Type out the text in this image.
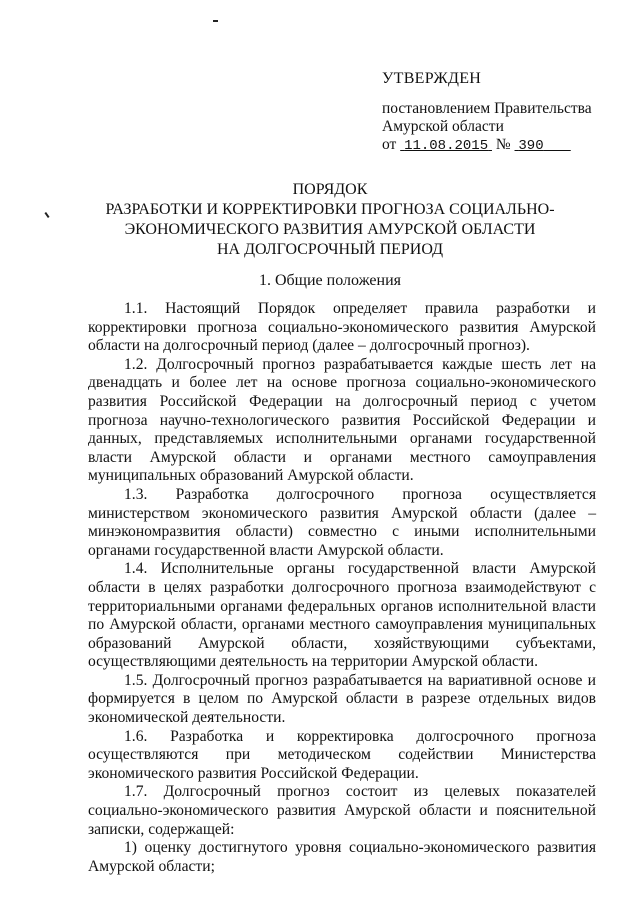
УТВЕРЖДЕН
постановлением Правительства
Амурской области
от 11.08.2015 № 390
ПОРЯДОК
РАЗРАБОТКИ И КОРРЕКТИРОВКИ ПРОГНОЗА СОЦИАЛЬНО-
ЭКОНОМИЧЕСКОГО РАЗВИТИЯ АМУРСКОЙ ОБЛАСТИ
НА ДОЛГОСРОЧНЫЙ ПЕРИОД
1. Общие положения

1.1. Настоящий Порядок определяет правила разработки и корректировки прогноза социально-экономического развития Амурской области на долгосрочный период (далее – долгосрочный прогноз).

1.2. Долгосрочный прогноз разрабатывается каждые шесть лет на двенадцать и более лет на основе прогноза социально-экономического развития Российской Федерации на долгосрочный период с учетом прогноза научно-технологического развития Российской Федерации и данных, представляемых исполнительными органами государственной власти Амурской области и органами местного самоуправления муниципальных образований Амурской области.

1.3. Разработка долгосрочного прогноза осуществляется министерством экономического развития Амурской области (далее – минэкономразвития области) совместно с иными исполнительными органами государственной власти Амурской области.

1.4. Исполнительные органы государственной власти Амурской области в целях разработки долгосрочного прогноза взаимодействуют с территориальными органами федеральных органов исполнительной власти по Амурской области, органами местного самоуправления муниципальных образований Амурской области, хозяйствующими субъектами, осуществляющими деятельность на территории Амурской области.

1.5. Долгосрочный прогноз разрабатывается на вариативной основе и формируется в целом по Амурской области в разрезе отдельных видов экономической деятельности.

1.6. Разработка и корректировка долгосрочного прогноза осуществляются при методическом содействии Министерства экономического развития Российской Федерации.

1.7. Долгосрочный прогноз состоит из целевых показателей социально-экономического развития Амурской области и пояснительной записки, содержащей:

1) оценку достигнутого уровня социально-экономического развития Амурской области;
